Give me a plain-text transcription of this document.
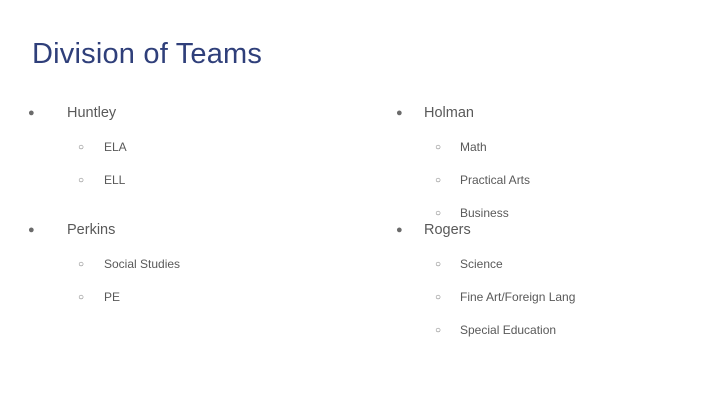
Division of Teams
● Huntley
○ ELA
○ ELL
● Perkins
○ Social Studies
○ PE
● Holman
○ Math
○ Practical Arts
○ Business
● Rogers
○ Science
○ Fine Art/Foreign Lang
○ Special Education
